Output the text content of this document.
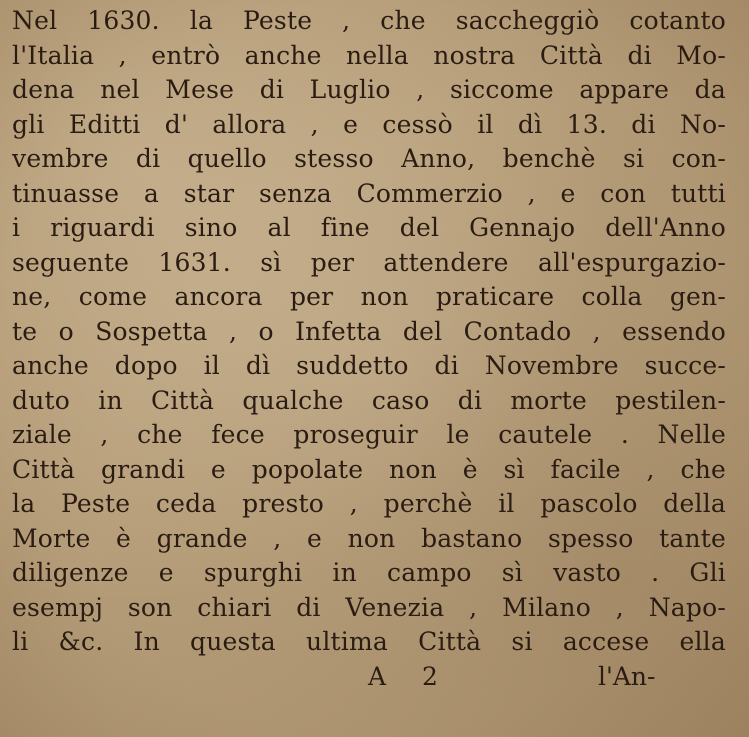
Nel 1630. la Peste , che saccheggiò cotanto
l'Italia , entrò anche nella nostra Città di Mo-
dena nel Mese di Luglio , siccome appare da
gli Editti d' allora , e cessò il dì 13. di No-
vembre di quello stesso Anno, benchè si con-
tinuasse a star senza Commerzio , e con tutti
i riguardi sino al fine del Gennajo dell'Anno
seguente 1631. sì per attendere all'espurgazio-
ne, come ancora per non praticare colla gen-
te o Sospetta , o Infetta del Contado , essendo
anche dopo il dì suddetto di Novembre succe-
duto in Città qualche caso di morte pestilen-
ziale , che fece proseguir le cautele . Nelle
Città grandi e popolate non è sì facile , che
la Peste ceda presto , perchè il pascolo della
Morte è grande , e non bastano spesso tante
diligenze e spurghi in campo sì vasto . Gli
esempj son chiari di Venezia , Milano , Napo-
li &c. In questa ultima Città si accese ella
A 2	l'An-
